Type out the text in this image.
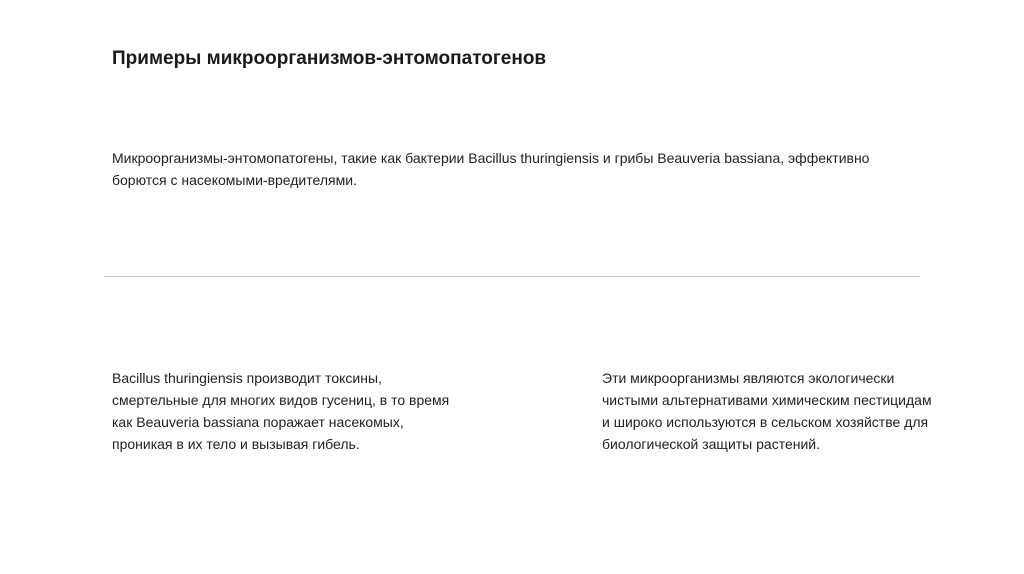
Примеры микроорганизмов-энтомопатогенов
Микроорганизмы-энтомопатогены, такие как бактерии Bacillus thuringiensis и грибы Beauveria bassiana, эффективно
борются с насекомыми-вредителями.

Bacillus thuringiensis производит токсины,

смертельные для многих видов гусениц, в то время

как Beauveria bassiana поражает насекомых,

проникая в их тело и вызывая гибель.

Эти микроорганизмы являются экологически

чистыми альтернативами химическим пестицидам

и широко используются в сельском хозяйстве для

биологической защиты растений.
